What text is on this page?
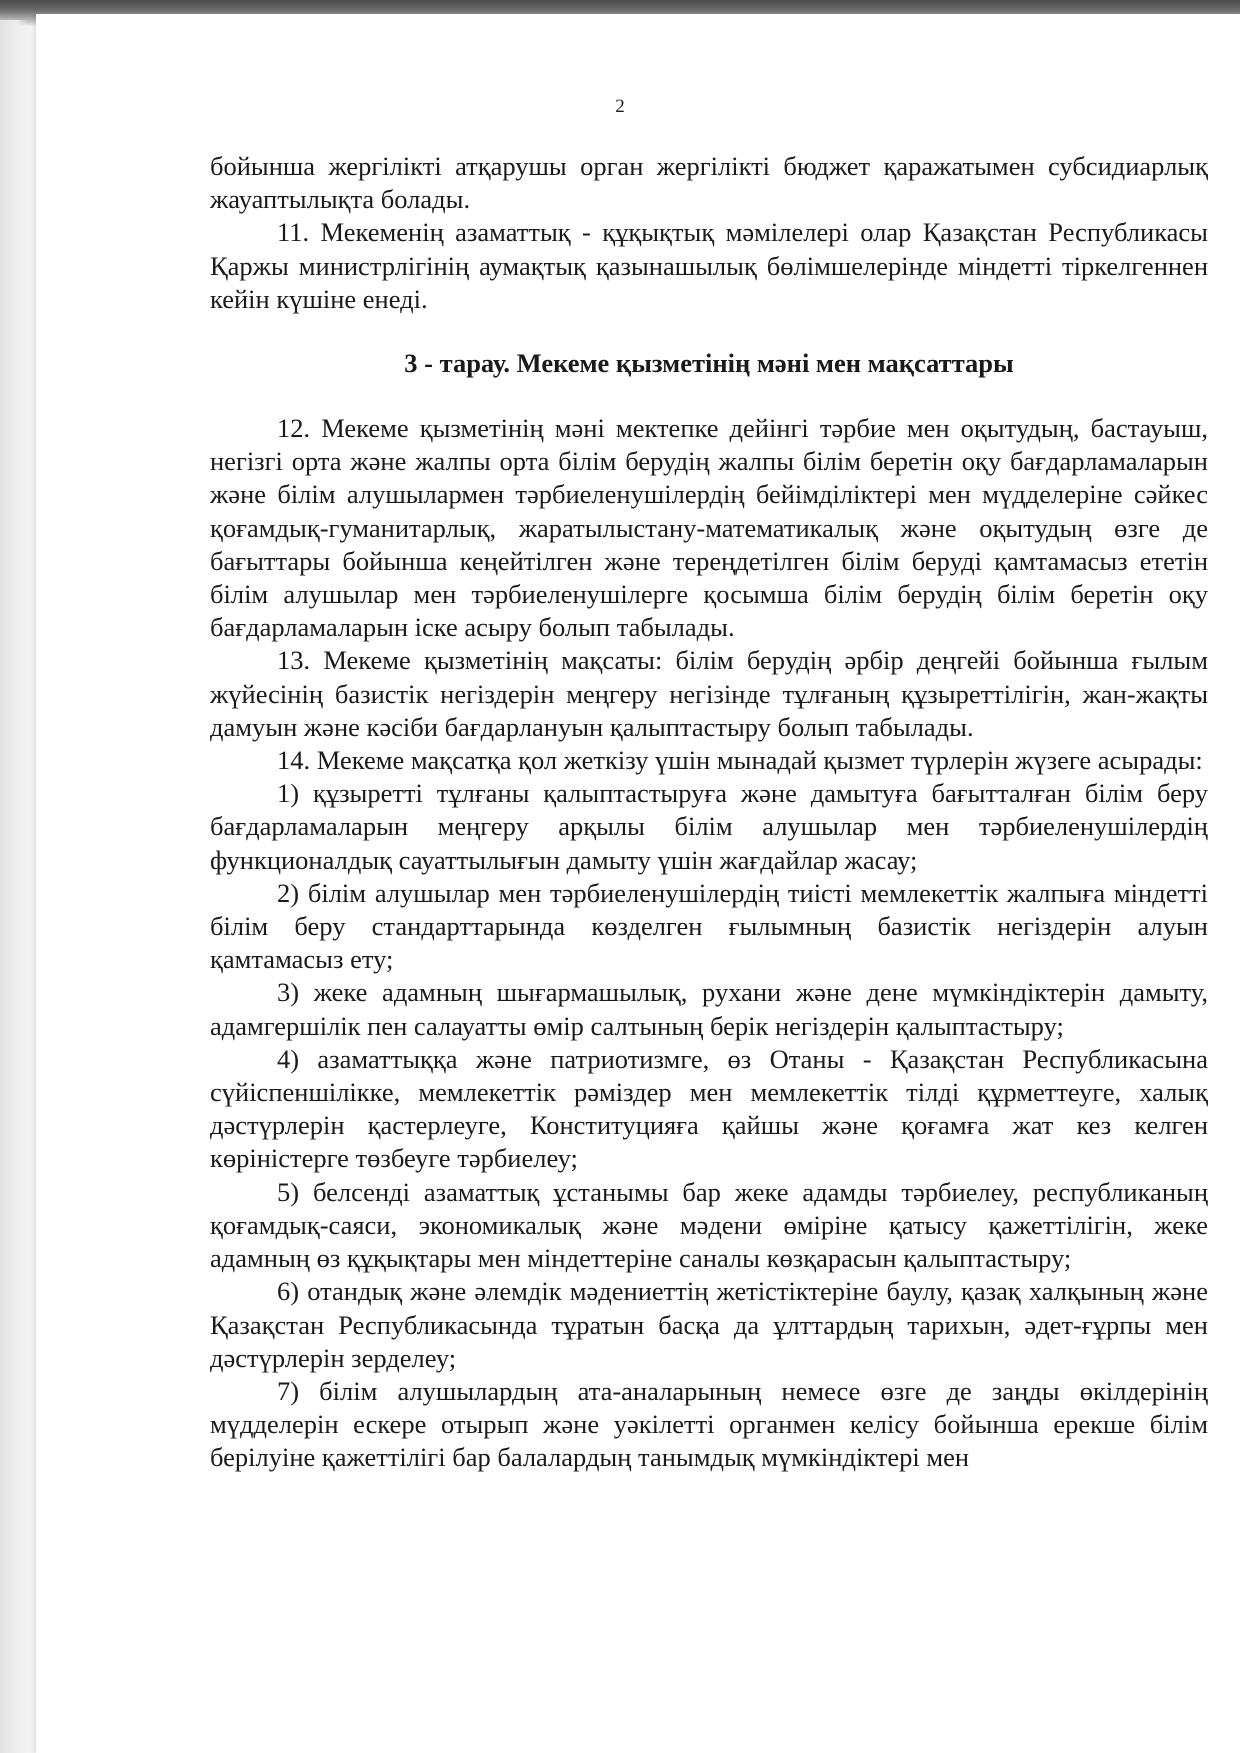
2

бойынша жергілікті атқарушы орган жергілікті бюджет қаражатымен субсидиарлық жауаптылықта болады.

11. Мекеменің азаматтық - құқықтық мәмілелері олар Қазақстан Республикасы Қаржы министрлігінің аумақтық қазынашылық бөлімшелерінде міндетті тіркелгеннен кейін күшіне енеді.

3 - тарау. Мекеме қызметінің мәні мен мақсаттары

12. Мекеме қызметінің мәні мектепке дейінгі тәрбие мен оқытудың, бастауыш, негізгі орта және жалпы орта білім берудің жалпы білім беретін оқу бағдарламаларын және білім алушылармен тәрбиеленушілердің бейімділіктері мен мүдделеріне сәйкес қоғамдық-гуманитарлық, жаратылыстану-математикалық және оқытудың өзге де бағыттары бойынша кеңейтілген және тереңдетілген білім беруді қамтамасыз ететін білім алушылар мен тәрбиеленушілерге қосымша білім берудің білім беретін оқу бағдарламаларын іске асыру болып табылады.

13. Мекеме қызметінің мақсаты: білім берудің әрбір деңгейі бойынша ғылым жүйесінің базистік негіздерін меңгеру негізінде тұлғаның құзыреттілігін, жан-жақты дамуын және кәсіби бағдарлануын қалыптастыру болып табылады.

14. Мекеме мақсатқа қол жеткізу үшін мынадай қызмет түрлерін жүзеге асырады:

1) құзыретті тұлғаны қалыптастыруға және дамытуға бағытталған білім беру бағдарламаларын меңгеру арқылы білім алушылар мен тәрбиеленушілердің функционалдық сауаттылығын дамыту үшін жағдайлар жасау;

2) білім алушылар мен тәрбиеленушілердің тиісті мемлекеттік жалпыға міндетті білім беру стандарттарында көзделген ғылымның базистік негіздерін алуын қамтамасыз ету;

3) жеке адамның шығармашылық, рухани және дене мүмкіндіктерін дамыту, адамгершілік пен салауатты өмір салтының берік негіздерін қалыптастыру;

4) азаматтыққа және патриотизмге, өз Отаны - Қазақстан Республикасына сүйіспеншілікке, мемлекеттік рәміздер мен мемлекеттік тілді құрметтеуге, халық дәстүрлерін қастерлеуге, Конституцияға қайшы және қоғамға жат кез келген көріністерге төзбеуге тәрбиелеу;

5) белсенді азаматтық ұстанымы бар жеке адамды тәрбиелеу, республиканың қоғамдық-саяси, экономикалық және мәдени өміріне қатысу қажеттілігін, жеке адамның өз құқықтары мен міндеттеріне саналы көзқарасын қалыптастыру;

6) отандық және әлемдік мәдениеттің жетістіктеріне баулу, қазақ халқының және Қазақстан Республикасында тұратын басқа да ұлттардың тарихын, әдет-ғұрпы мен дәстүрлерін зерделеу;

7) білім алушылардың ата-аналарының немесе өзге де заңды өкілдерінің мүдделерін ескере отырып және уәкілетті органмен келісу бойынша ерекше білім берілуіне қажеттілігі бар балалардың танымдық мүмкіндіктері мен
